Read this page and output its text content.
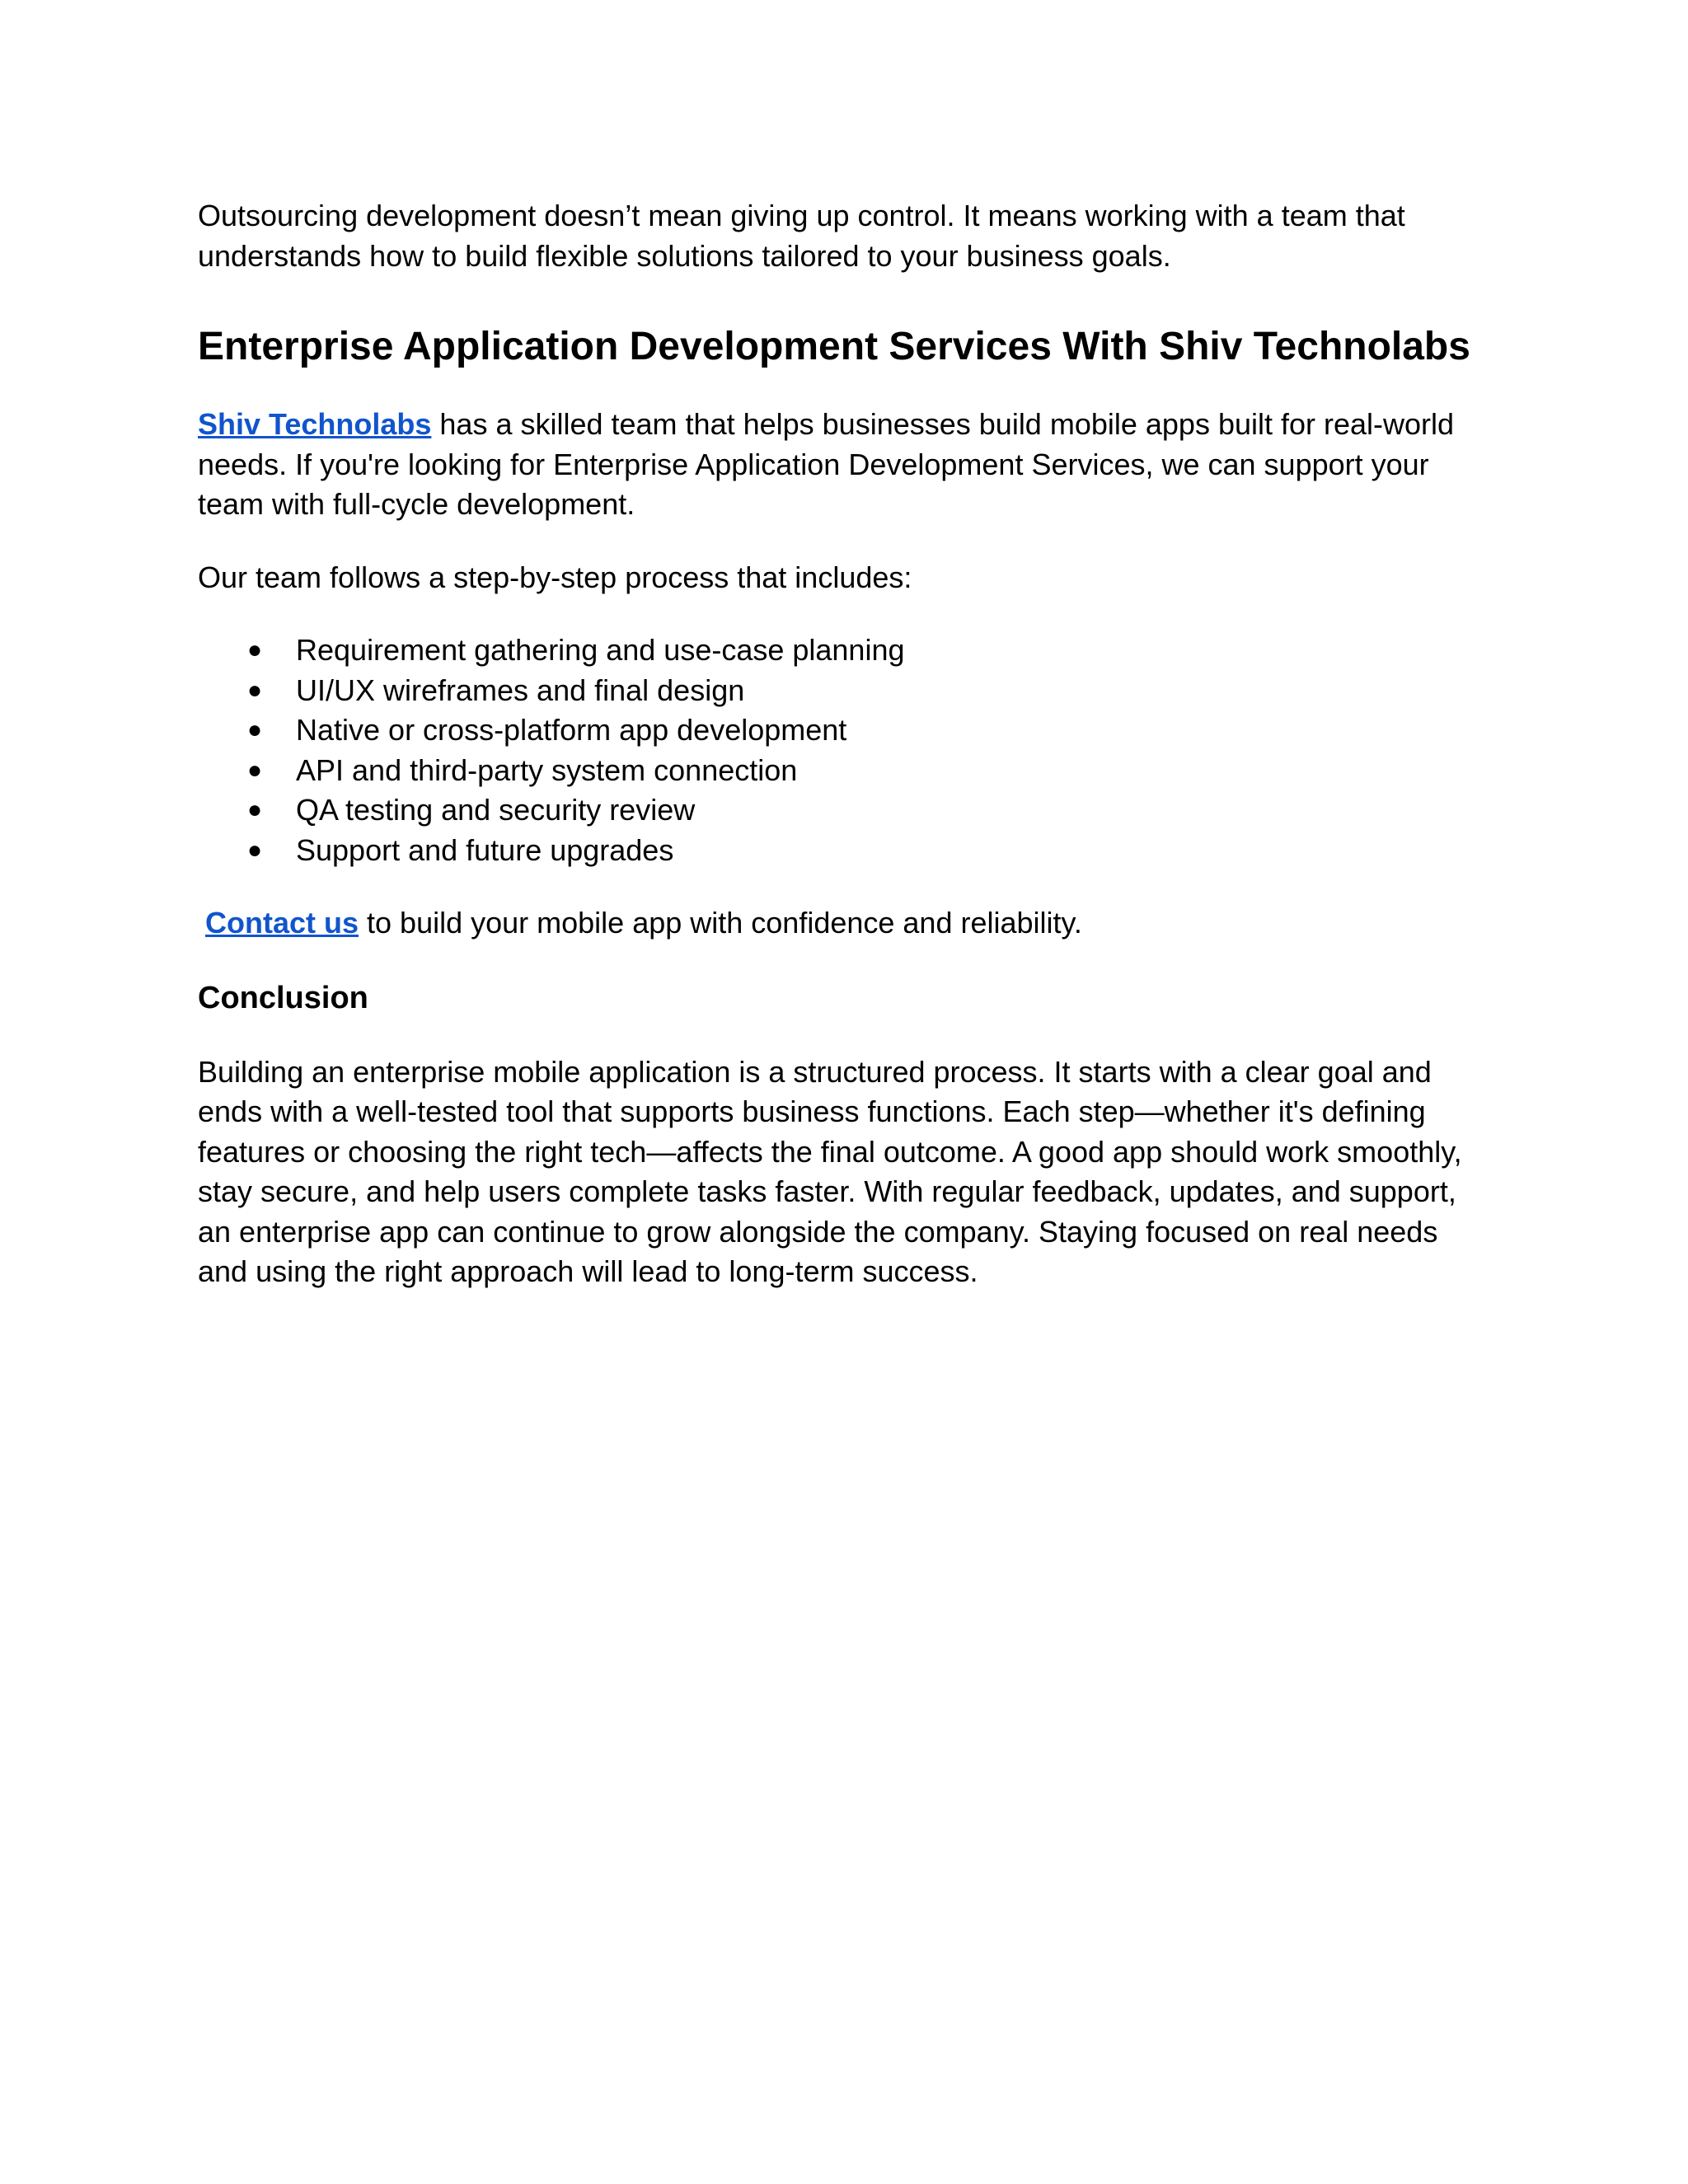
Outsourcing development doesn’t mean giving up control. It means working with a team that
understands how to build flexible solutions tailored to your business goals.

Enterprise Application Development Services With Shiv Technolabs

Shiv Technolabs has a skilled team that helps businesses build mobile apps built for real-world
needs. If you're looking for Enterprise Application Development Services, we can support your
team with full-cycle development.

Our team follows a step-by-step process that includes:

● Requirement gathering and use-case planning
● UI/UX wireframes and final design
● Native or cross-platform app development
● API and third-party system connection
● QA testing and security review
● Support and future upgrades

Contact us to build your mobile app with confidence and reliability.

Conclusion

Building an enterprise mobile application is a structured process. It starts with a clear goal and
ends with a well-tested tool that supports business functions. Each step—whether it's defining
features or choosing the right tech—affects the final outcome. A good app should work smoothly,
stay secure, and help users complete tasks faster. With regular feedback, updates, and support,
an enterprise app can continue to grow alongside the company. Staying focused on real needs
and using the right approach will lead to long-term success.
